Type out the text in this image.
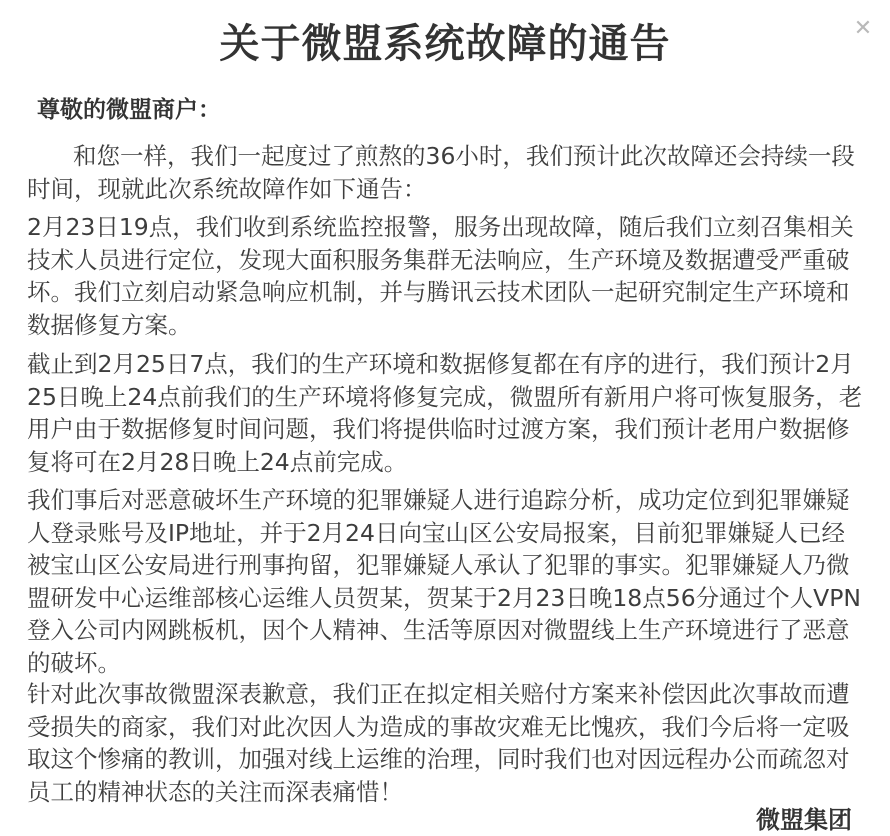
关于微盟系统故障的通告	✕
尊敬的微盟商户：

和您一样，我们一起度过了煎熬的36小时，我们预计此次故障还会持续一段时间，现就此次系统故障作如下通告：

2月23日19点，我们收到系统监控报警，服务出现故障，随后我们立刻召集相关技术人员进行定位，发现大面积服务集群无法响应，生产环境及数据遭受严重破坏。我们立刻启动紧急响应机制，并与腾讯云技术团队一起研究制定生产环境和数据修复方案。

截止到2月25日7点，我们的生产环境和数据修复都在有序的进行，我们预计2月25日晚上24点前我们的生产环境将修复完成，微盟所有新用户将可恢复服务，老用户由于数据修复时间问题，我们将提供临时过渡方案，我们预计老用户数据修复将可在2月28日晚上24点前完成。

我们事后对恶意破坏生产环境的犯罪嫌疑人进行追踪分析，成功定位到犯罪嫌疑人登录账号及IP地址，并于2月24日向宝山区公安局报案，目前犯罪嫌疑人已经被宝山区公安局进行刑事拘留，犯罪嫌疑人承认了犯罪的事实。犯罪嫌疑人乃微盟研发中心运维部核心运维人员贺某，贺某于2月23日晚18点56分通过个人VPN登入公司内网跳板机，因个人精神、生活等原因对微盟线上生产环境进行了恶意的破坏。

针对此次事故微盟深表歉意，我们正在拟定相关赔付方案来补偿因此次事故而遭受损失的商家，我们对此次因人为造成的事故灾难无比愧疚，我们今后将一定吸取这个惨痛的教训，加强对线上运维的治理，同时我们也对因远程办公而疏忽对员工的精神状态的关注而深表痛惜！

微盟集团
